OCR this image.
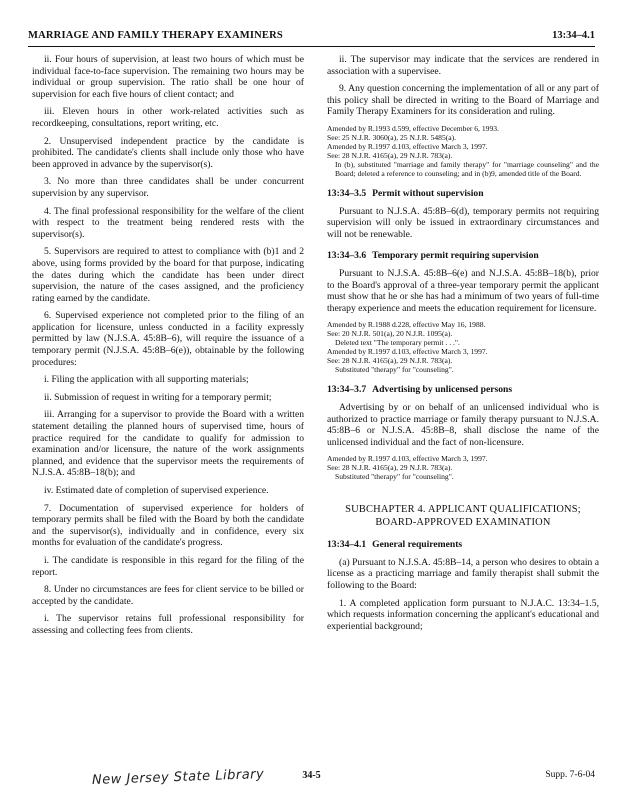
MARRIAGE AND FAMILY THERAPY EXAMINERS	13:34–4.1

ii. Four hours of supervision, at least two hours of which must be individual face-to-face supervision. The remaining two hours may be individual or group supervision. The ratio shall be one hour of supervision for each five hours of client contact; and

iii. Eleven hours in other work-related activities such as recordkeeping, consultations, report writing, etc.

2. Unsupervised independent practice by the candidate is prohibited. The candidate's clients shall include only those who have been approved in advance by the supervisor(s).

3. No more than three candidates shall be under concurrent supervision by any supervisor.

4. The final professional responsibility for the welfare of the client with respect to the treatment being rendered rests with the supervisor(s).

5. Supervisors are required to attest to compliance with (b)1 and 2 above, using forms provided by the board for that purpose, indicating the dates during which the candidate has been under direct supervision, the nature of the cases assigned, and the proficiency rating earned by the candidate.

6. Supervised experience not completed prior to the filing of an application for licensure, unless conducted in a facility expressly permitted by law (N.J.S.A. 45:8B–6), will require the issuance of a temporary permit (N.J.S.A. 45:8B–6(e)), obtainable by the following procedures:

i. Filing the application with all supporting materials;

ii. Submission of request in writing for a temporary permit;

iii. Arranging for a supervisor to provide the Board with a written statement detailing the planned hours of supervised time, hours of practice required for the candidate to qualify for admission to examination and/or licensure, the nature of the work assignments planned, and evidence that the supervisor meets the requirements of N.J.S.A. 45:8B–18(b); and

iv. Estimated date of completion of supervised experience.

7. Documentation of supervised experience for holders of temporary permits shall be filed with the Board by both the candidate and the supervisor(s), individually and in confidence, every six months for evaluation of the candidate's progress.

i. The candidate is responsible in this regard for the filing of the report.

8. Under no circumstances are fees for client service to be billed or accepted by the candidate.

i. The supervisor retains full professional responsibility for assessing and collecting fees from clients.

ii. The supervisor may indicate that the services are rendered in association with a supervisee.

9. Any question concerning the implementation of all or any part of this policy shall be directed in writing to the Board of Marriage and Family Therapy Examiners for its consideration and ruling.

Amended by R.1993 d.599, effective December 6, 1993.
See: 25 N.J.R. 3060(a), 25 N.J.R. 5485(a).
Amended by R.1997 d.103, effective March 3, 1997.
See: 28 N.J.R. 4165(a), 29 N.J.R. 783(a).
In (b), substituted "marriage and family therapy" for "marriage counseling" and the Board; deleted a reference to counseling; and in (b)9, amended title of the Board.
13:34–3.5 Permit without supervision

Pursuant to N.J.S.A. 45:8B–6(d), temporary permits not requiring supervision will only be issued in extraordinary circumstances and will not be renewable.

13:34–3.6 Temporary permit requiring supervision

Pursuant to N.J.S.A. 45:8B–6(e) and N.J.S.A. 45:8B–18(b), prior to the Board's approval of a three-year temporary permit the applicant must show that he or she has had a minimum of two years of full-time therapy experience and meets the education requirement for licensure.

Amended by R.1988 d.228, effective May 16, 1988.
See: 20 N.J.R. 501(a), 20 N.J.R. 1095(a).
Deleted text "The temporary permit . . .".
Amended by R.1997 d.103, effective March 3, 1997.
See: 28 N.J.R. 4165(a), 29 N.J.R. 783(a).
Substituted "therapy" for "counseling".
13:34–3.7 Advertising by unlicensed persons

Advertising by or on behalf of an unlicensed individual who is authorized to practice marriage or family therapy pursuant to N.J.S.A. 45:8B–6 or N.J.S.A. 45:8B–8, shall disclose the name of the unlicensed individual and the fact of non-licensure.

Amended by R.1997 d.103, effective March 3, 1997.
See: 28 N.J.R. 4165(a), 29 N.J.R. 783(a).
Substituted "therapy" for "counseling".
SUBCHAPTER 4. APPLICANT QUALIFICATIONS;
BOARD-APPROVED EXAMINATION
13:34–4.1 General requirements

(a) Pursuant to N.J.S.A. 45:8B–14, a person who desires to obtain a license as a practicing marriage and family therapist shall submit the following to the Board:

1. A completed application form pursuant to N.J.A.C. 13:34–1.5, which requests information concerning the applicant's educational and experiential background;

New Jersey State Library	34-5	Supp. 7-6-04
